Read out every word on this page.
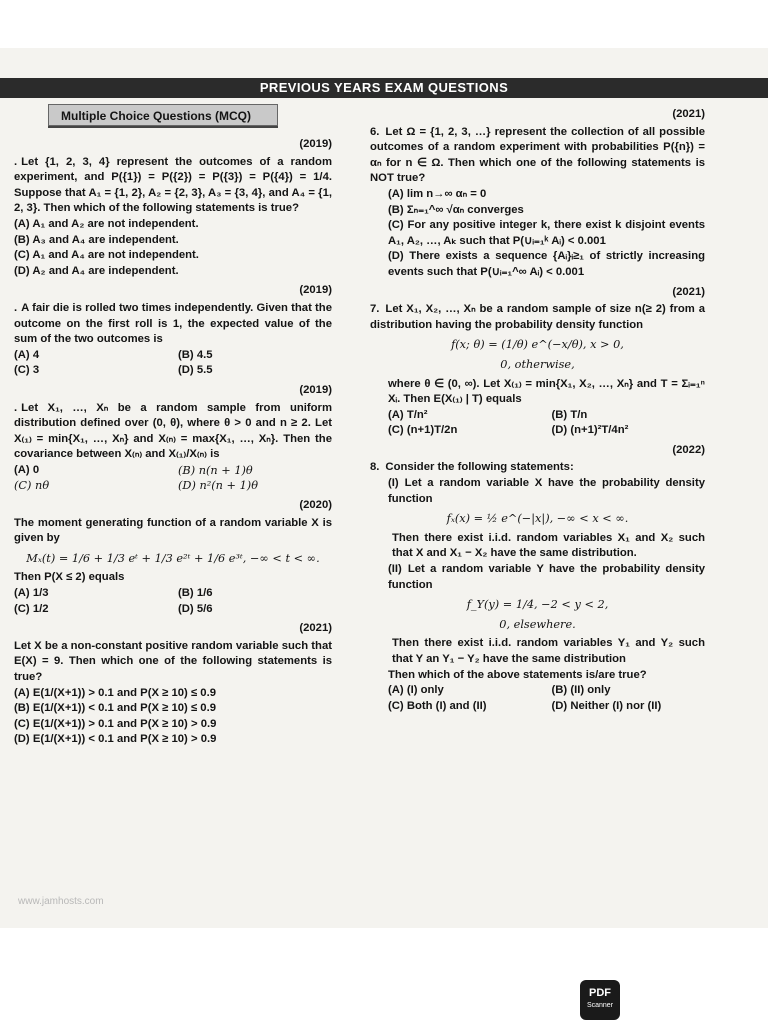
PREVIOUS YEARS EXAM QUESTIONS
Multiple Choice Questions (MCQ)
(2019)
. Let {1, 2, 3, 4} represent the outcomes of a random experiment, and P({1}) = P({2}) = P({3}) = P({4}) = 1/4. Suppose that A₁ = {1, 2}, A₂ = {2, 3}, A₃ = {3, 4}, and A₄ = {1, 2, 3}. Then which of the following statements is true?
(A) A₁ and A₂ are not independent.
(B) A₃ and A₄ are independent.
(C) A₁ and A₄ are not independent.
(D) A₂ and A₄ are independent.
(2019)
. A fair die is rolled two times independently. Given that the outcome on the first roll is 1, the expected value of the sum of the two outcomes is
(A) 4	(B) 4.5
(C) 3	(D) 5.5
(2019)
. Let X₁, …, Xₙ be a random sample from uniform distribution defined over (0, θ), where θ > 0 and n ≥ 2. Let X₍₁₎ = min{X₁, …, Xₙ} and X₍ₙ₎ = max{X₁, …, Xₙ}. Then the covariance between X₍ₙ₎ and X₍₁₎/X₍ₙ₎ is
(A) 0	(B) n(n + 1)θ
(C) nθ	(D) n²(n + 1)θ
(2020)
The moment generating function of a random variable X is given by
Mₓ(t) = 1/6 + 1/3 eᵗ + 1/3 e²ᵗ + 1/6 e³ᵗ, −∞ < t < ∞.
Then P(X ≤ 2) equals
(A) 1/3	(B) 1/6
(C) 1/2	(D) 5/6
(2021)
Let X be a non-constant positive random variable such that E(X) = 9. Then which one of the following statements is true?
(A) E(1/(X+1)) > 0.1 and P(X ≥ 10) ≤ 0.9
(B) E(1/(X+1)) < 0.1 and P(X ≥ 10) ≤ 0.9
(C) E(1/(X+1)) > 0.1 and P(X ≥ 10) > 0.9
(D) E(1/(X+1)) < 0.1 and P(X ≥ 10) > 0.9
(2021)
6. Let Ω = {1, 2, 3, …} represent the collection of all possible outcomes of a random experiment with probabilities P({n}) = αₙ for n ∈ Ω. Then which one of the following statements is NOT true?
(A) lim n→∞ αₙ = 0
(B) Σₙ₌₁^∞ √αₙ converges
(C) For any positive integer k, there exist k disjoint events A₁, A₂, …, Aₖ such that P(∪ᵢ₌₁ᵏ Aᵢ) < 0.001
(D) There exists a sequence {Aᵢ}ᵢ≥₁ of strictly increasing events such that P(∪ᵢ₌₁^∞ Aᵢ) < 0.001
(2021)
7. Let X₁, X₂, …, Xₙ be a random sample of size n(≥ 2) from a distribution having the probability density function
f(x; θ) = (1/θ) e^(−x/θ), x > 0,
0, otherwise,
where θ ∈ (0, ∞). Let X₍₁₎ = min{X₁, X₂, …, Xₙ} and T = Σᵢ₌₁ⁿ Xᵢ. Then E(X₍₁₎ | T) equals
(A) T/n²	(B) T/n
(C) (n+1)T/2n	(D) (n+1)²T/4n²
(2022)
8. Consider the following statements:
(I) Let a random variable X have the probability density function
fₓ(x) = ½ e^(−|x|), −∞ < x < ∞.
Then there exist i.i.d. random variables X₁ and X₂ such that X and X₁ − X₂ have the same distribution.
(II) Let a random variable Y have the probability density function
f_Y(y) = 1/4, −2 < y < 2,
0, elsewhere.
Then there exist i.i.d. random variables Y₁ and Y₂ such that Y an Y₁ − Y₂ have the same distribution
Then which of the above statements is/are true?
(A) (I) only	(B) (II) only
(C) Both (I) and (II)	(D) Neither (I) nor (II)
www.jamhosts.com
PDF
Scanner
